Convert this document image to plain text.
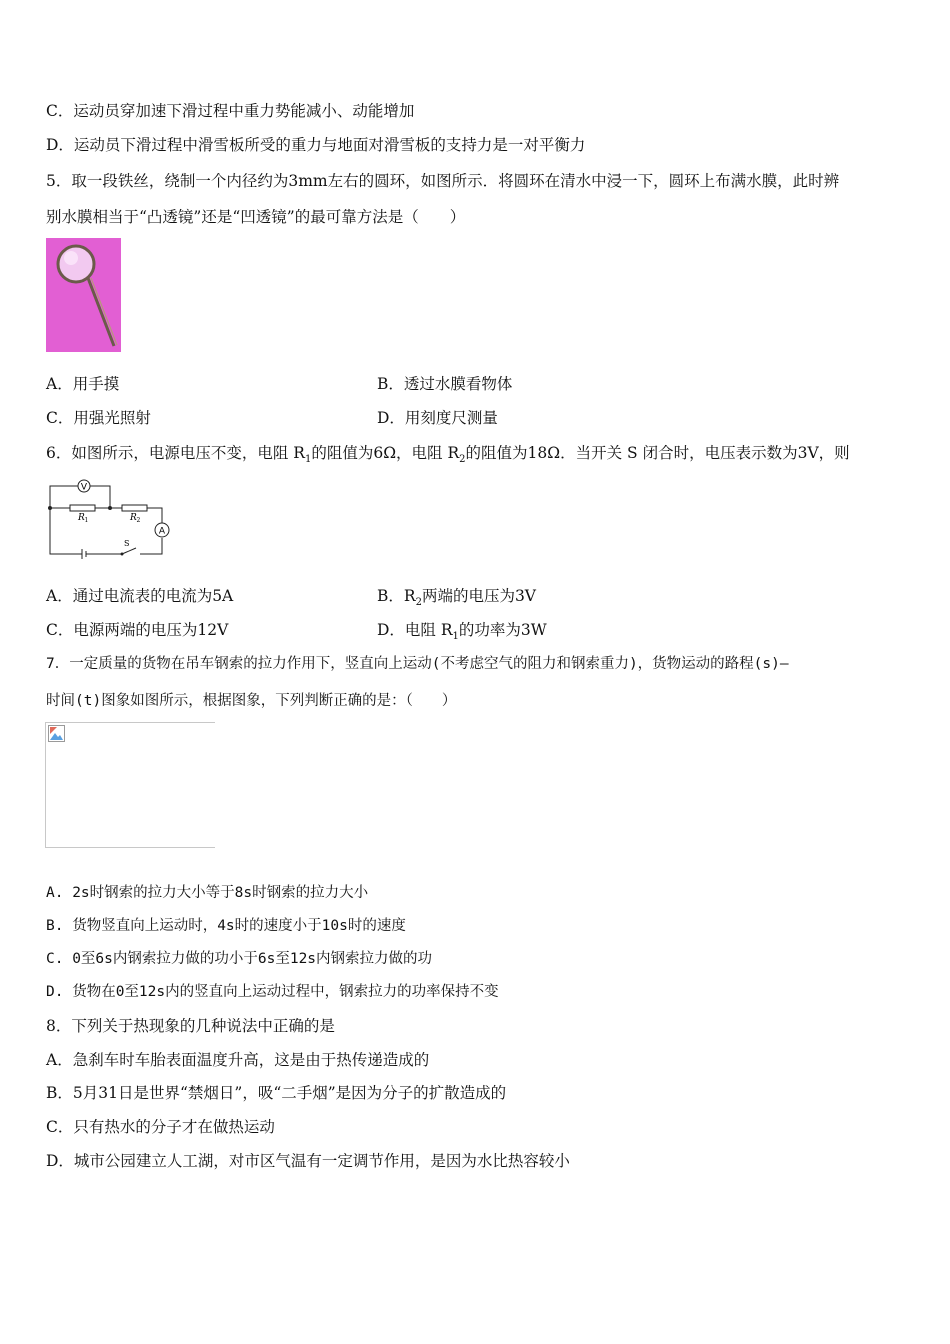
C．运动员穿加速下滑过程中重力势能减小、动能增加
D．运动员下滑过程中滑雪板所受的重力与地面对滑雪板的支持力是一对平衡力
5．取一段铁丝，绕制一个内径约为3mm左右的圆环，如图所示．将圆环在清水中浸一下，圆环上布满水膜，此时辨
别水膜相当于“凸透镜”还是“凹透镜”的最可靠方法是（　　）
A．用手摸	B．透过水膜看物体
C．用强光照射	D．用刻度尺测量
6．如图所示，电源电压不变，电阻 $R_1$的阻值为6Ω，电阻 $R_2$的阻值为18Ω．当开关 S 闭合时，电压表示数为3V，则
V
A
R 1	R 2
S
A．通过电流表的电流为5A	B．$R_2$两端的电压为3V
C．电源两端的电压为12V	D．电阻 $R_1$的功率为3W
7．一定质量的货物在吊车钢索的拉力作用下，竖直向上运动(不考虑空气的阻力和钢索重力)，货物运动的路程(s)—
时间(t)图象如图所示，根据图象，下列判断正确的是：（　　）
A. 2s时钢索的拉力大小等于8s时钢索的拉力大小
B. 货物竖直向上运动时，4s时的速度小于10s时的速度
C. 0至6s内钢索拉力做的功小于6s至12s内钢索拉力做的功
D. 货物在0至12s内的竖直向上运动过程中，钢索拉力的功率保持不变
8．下列关于热现象的几种说法中正确的是
A．急刹车时车胎表面温度升高，这是由于热传递造成的
B．5月31日是世界“禁烟日”，吸“二手烟”是因为分子的扩散造成的
C．只有热水的分子才在做热运动
D．城市公园建立人工湖，对市区气温有一定调节作用，是因为水比热容较小
